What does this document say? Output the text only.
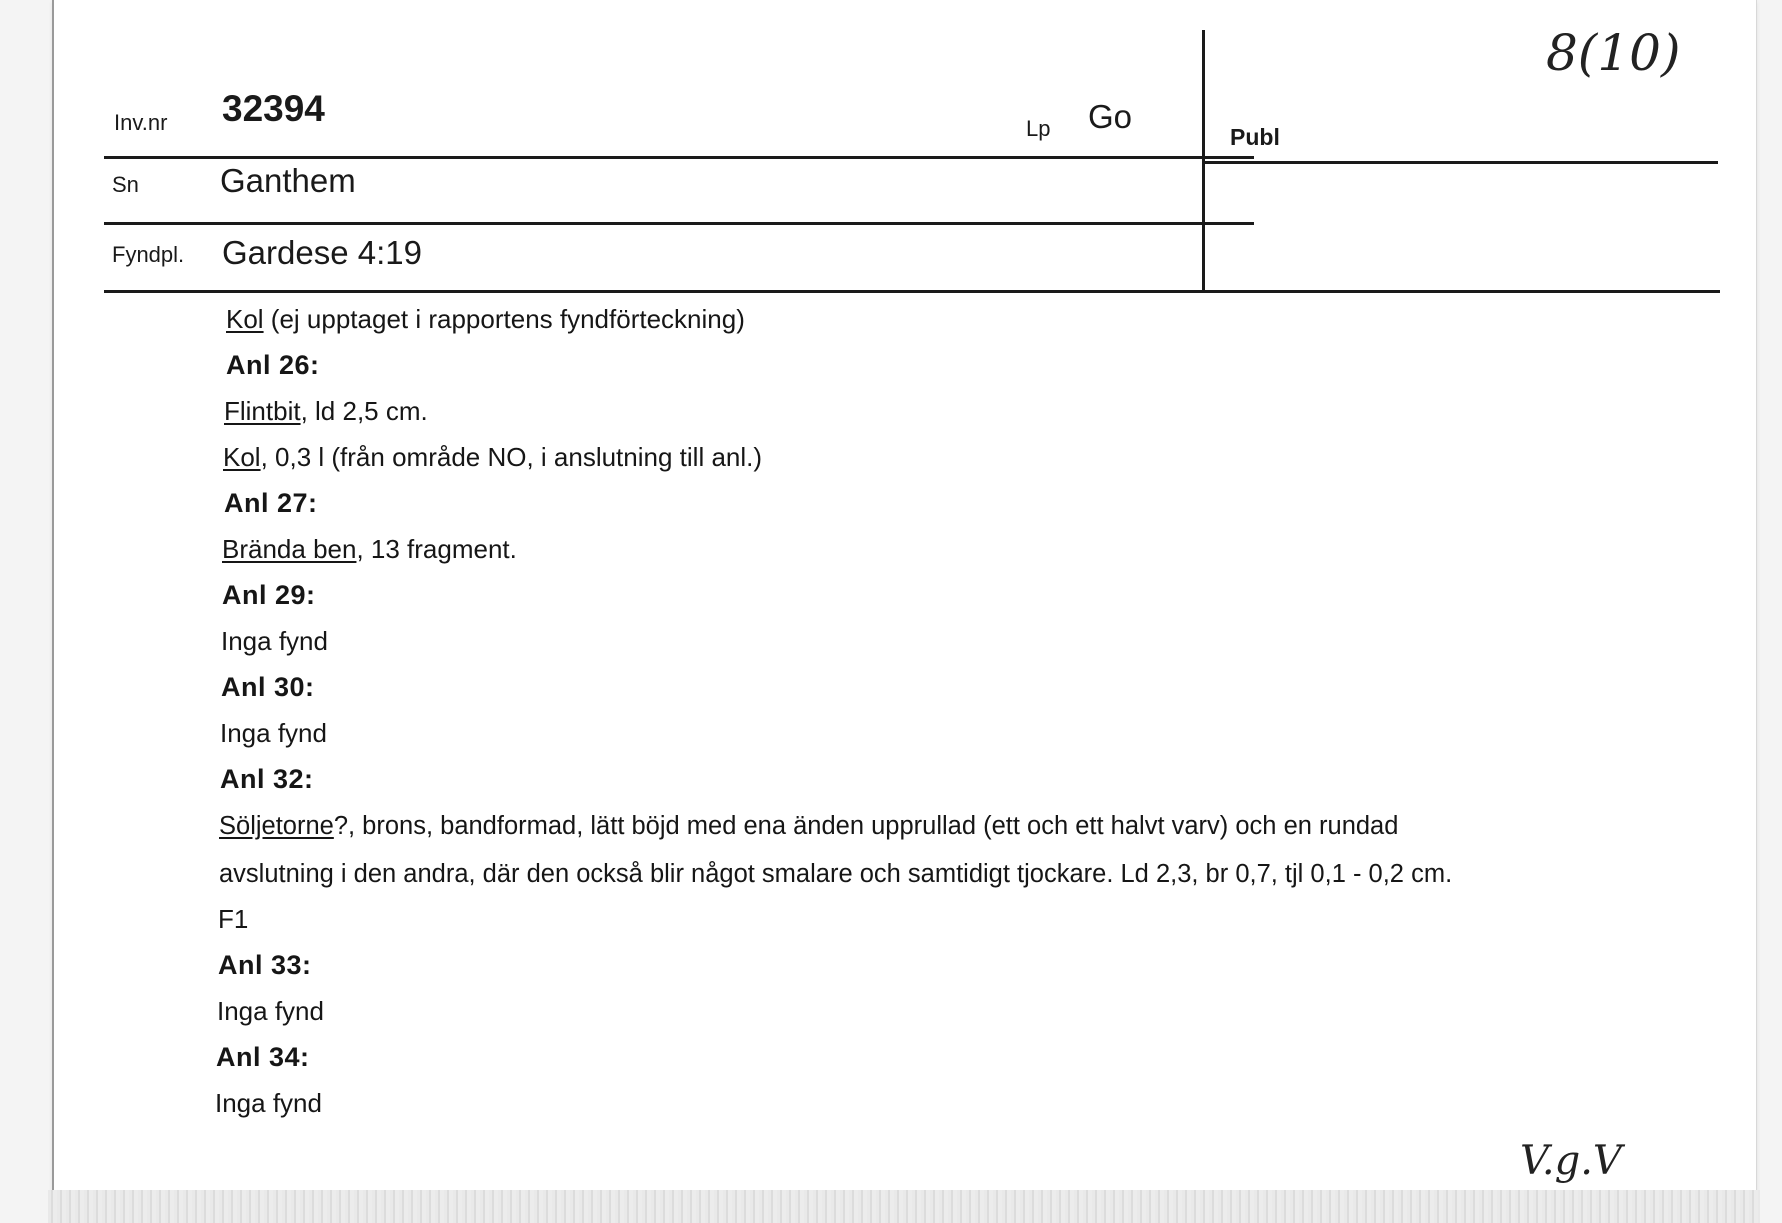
Inv.nr 32394	Lp Go
Publ
8(10)
Sn Ganthem
Fyndpl. Gardese 4:19
Kol (ej upptaget i rapportens fyndförteckning)
Anl 26:
Flintbit, ld 2,5 cm.
Kol, 0,3 l (från område NO, i anslutning till anl.)
Anl 27:
Brända ben, 13 fragment.
Anl 29:
Inga fynd
Anl 30:
Inga fynd
Anl 32:
Söljetorne?, brons, bandformad, lätt böjd med ena änden upprullad (ett och ett halvt varv) och en rundad
avslutning i den andra, där den också blir något smalare och samtidigt tjockare. Ld 2,3, br 0,7, tjl 0,1 - 0,2 cm.
F1
Anl 33:
Inga fynd
Anl 34:
Inga fynd
V.g.V
